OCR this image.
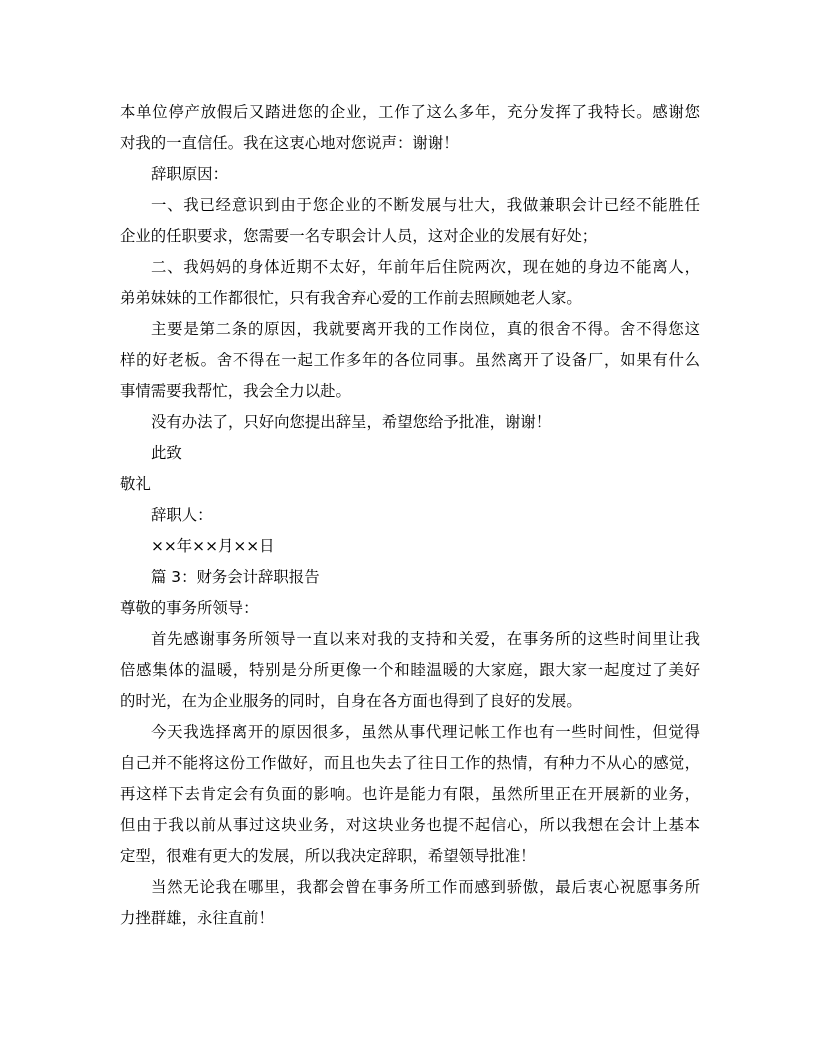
本单位停产放假后又踏进您的企业，工作了这么多年，充分发挥了我特长。感谢您
对我的一直信任。我在这衷心地对您说声：谢谢！
辞职原因：
一、我已经意识到由于您企业的不断发展与壮大，我做兼职会计已经不能胜任
企业的任职要求，您需要一名专职会计人员，这对企业的发展有好处；
二、我妈妈的身体近期不太好，年前年后住院两次，现在她的身边不能离人，
弟弟妹妹的工作都很忙，只有我舍弃心爱的工作前去照顾她老人家。
主要是第二条的原因，我就要离开我的工作岗位，真的很舍不得。舍不得您这
样的好老板。舍不得在一起工作多年的各位同事。虽然离开了设备厂，如果有什么
事情需要我帮忙，我会全力以赴。
没有办法了，只好向您提出辞呈，希望您给予批准，谢谢！
此致
敬礼
辞职人：
××年××月××日
篇 3：财务会计辞职报告
尊敬的事务所领导：
首先感谢事务所领导一直以来对我的支持和关爱，在事务所的这些时间里让我
倍感集体的温暖，特别是分所更像一个和睦温暖的大家庭，跟大家一起度过了美好
的时光，在为企业服务的同时，自身在各方面也得到了良好的发展。
今天我选择离开的原因很多，虽然从事代理记帐工作也有一些时间性，但觉得
自己并不能将这份工作做好，而且也失去了往日工作的热情，有种力不从心的感觉，
再这样下去肯定会有负面的影响。也许是能力有限，虽然所里正在开展新的业务，
但由于我以前从事过这块业务，对这块业务也提不起信心，所以我想在会计上基本
定型，很难有更大的发展，所以我决定辞职，希望领导批准！
当然无论我在哪里，我都会曾在事务所工作而感到骄傲，最后衷心祝愿事务所
力挫群雄，永往直前！
